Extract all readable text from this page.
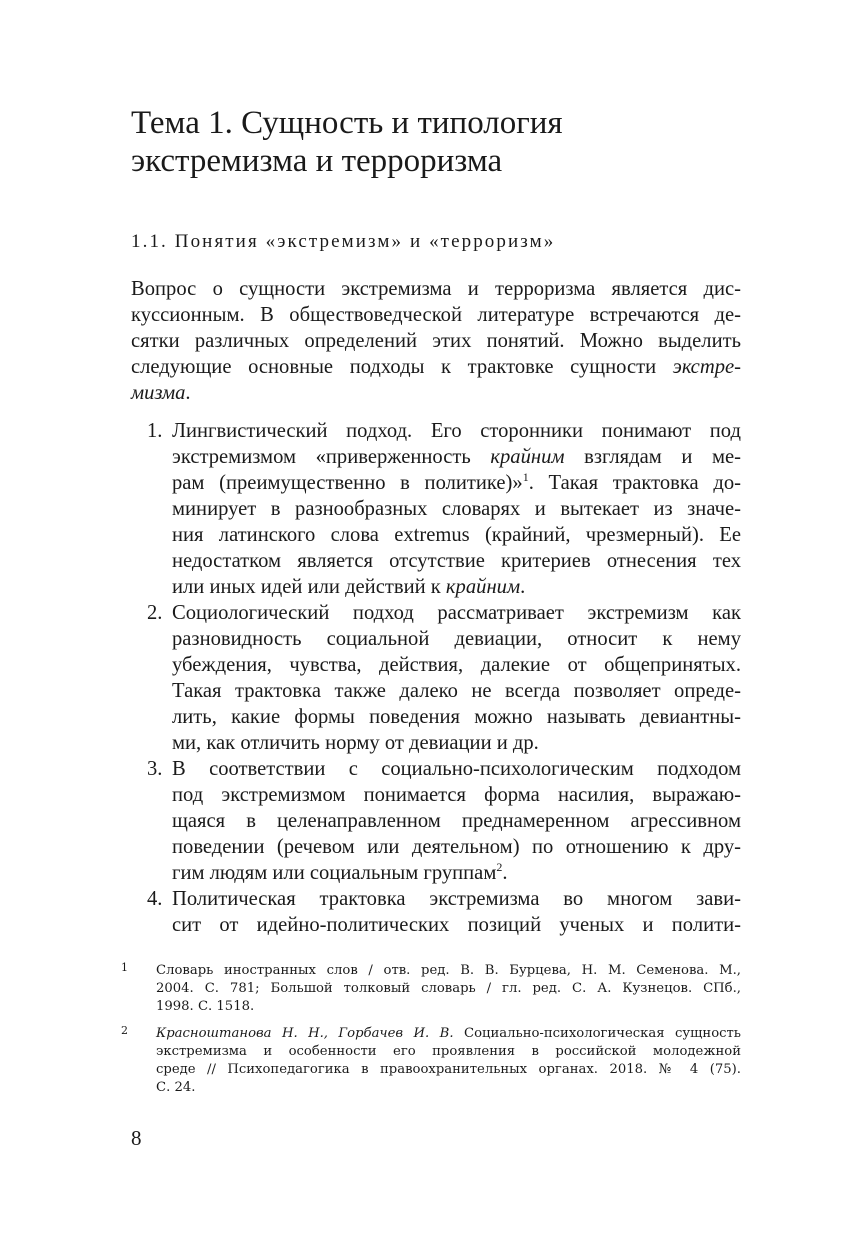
Тема 1. Сущность и типология
экстремизма и терроризма
1.1. Понятия «экстремизм» и «терроризм»
Вопрос о сущности экстремизма и терроризма является дис-
куссионным. В обществоведческой литературе встречаются де-
сятки различных определений этих понятий. Можно выделить
следующие основные подходы к трактовке сущности экстре-
мизма.
1. Лингвистический подход. Его сторонники понимают под
экстремизмом «приверженность крайним взглядам и ме-
рам (преимущественно в политике)»$^1$. Такая трактовка до-
минирует в разнообразных словарях и вытекает из значе-
ния латинского слова extremus (крайний, чрезмерный). Ее
недостатком является отсутствие критериев отнесения тех
или иных идей или действий к крайним.
2. Социологический подход рассматривает экстремизм как
разновидность социальной девиации, относит к нему
убеждения, чувства, действия, далекие от общепринятых.
Такая трактовка также далеко не всегда позволяет опреде-
лить, какие формы поведения можно называть девиантны-
ми, как отличить норму от девиации и др.
3. В соответствии с социально-психологическим подходом
под экстремизмом понимается форма насилия, выражаю-
щаяся в целенаправленном преднамеренном агрессивном
поведении (речевом или деятельном) по отношению к дру-
гим людям или социальным группам$^2$.
4. Политическая трактовка экстремизма во многом зави-
сит от идейно-политических позиций ученых и полити-
1 Словарь иностранных слов / отв. ред. В. В. Бурцева, Н. М. Семенова. М.,
2004. С. 781; Большой толковый словарь / гл. ред. С. А. Кузнецов. СПб.,
1998. С. 1518.
2 Красноштанова Н. Н., Горбачев И. В. Социально-психологическая сущность
экстремизма и особенности его проявления в российской молодежной
среде // Психопедагогика в правоохранительных органах. 2018. № 4 (75).
С. 24.
8
